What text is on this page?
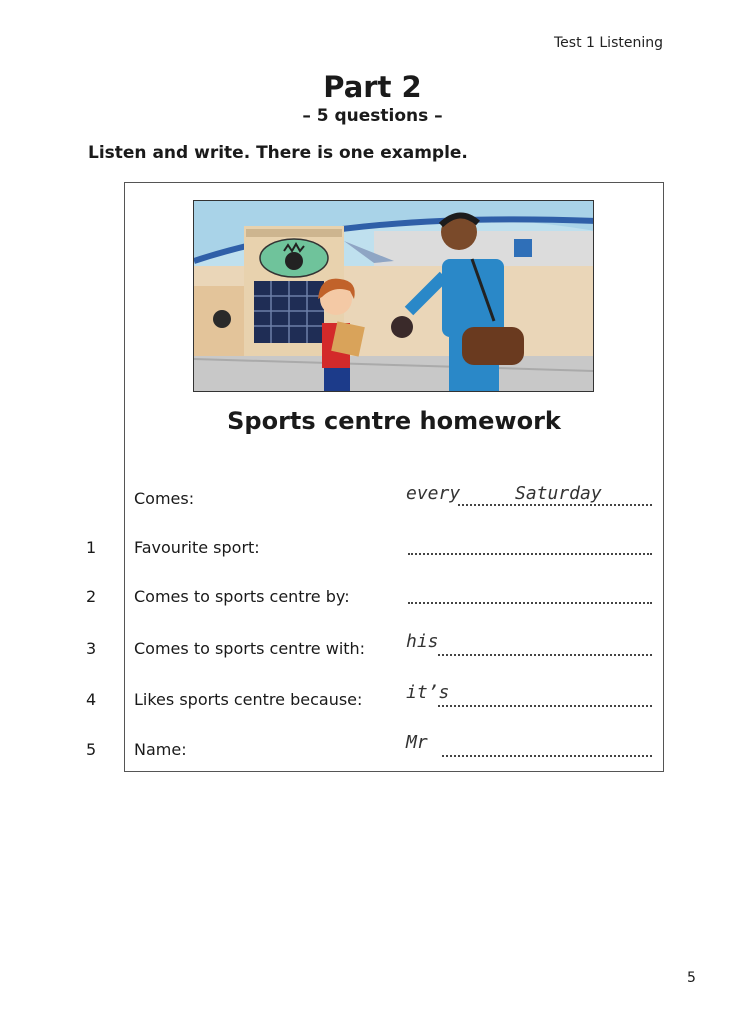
Test 1 Listening
Part 2
– 5 questions –
Listen and write. There is one example.
Sports centre homework
Comes:	every	Saturday
1 Favourite sport:
2 Comes to sports centre by:
3 Comes to sports centre with: his
4 Likes sports centre because: it’s
5 Name:	Mr
5
